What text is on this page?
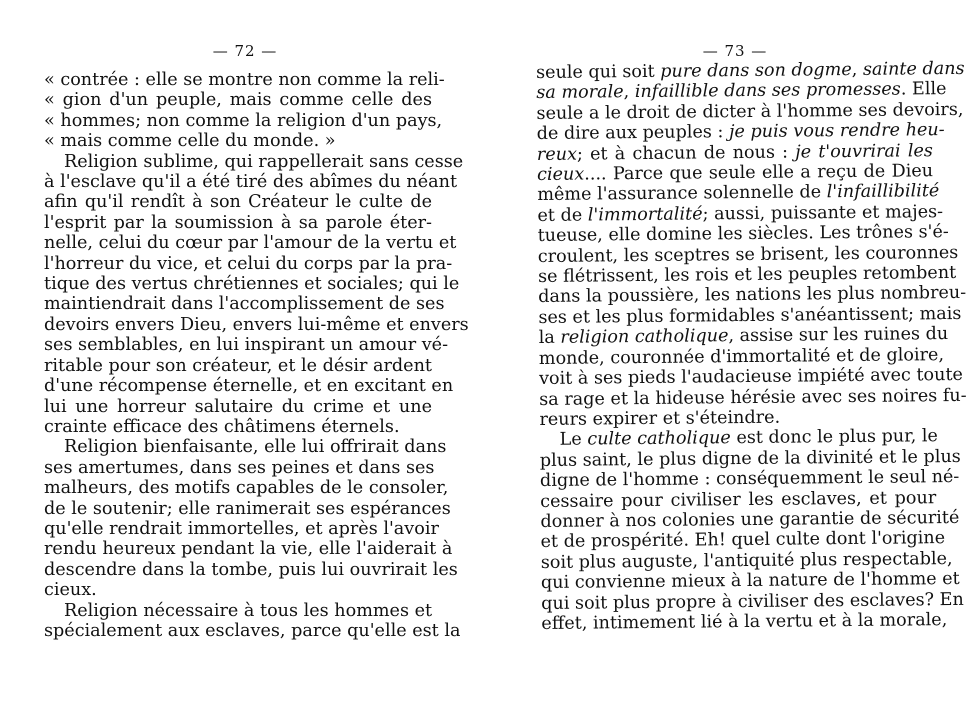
— 72 —
« contrée : elle se montre non comme la reli-
« gion d'un peuple, mais comme celle des
« hommes; non comme la religion d'un pays,
« mais comme celle du monde. »
Religion sublime, qui rappellerait sans cesse
à l'esclave qu'il a été tiré des abîmes du néant
afin qu'il rendît à son Créateur le culte de
l'esprit par la soumission à sa parole éter-
nelle, celui du cœur par l'amour de la vertu et
l'horreur du vice, et celui du corps par la pra-
tique des vertus chrétiennes et sociales; qui le
maintiendrait dans l'accomplissement de ses
devoirs envers Dieu, envers lui-même et envers
ses semblables, en lui inspirant un amour vé-
ritable pour son créateur, et le désir ardent
d'une récompense éternelle, et en excitant en
lui une horreur salutaire du crime et une
crainte efficace des châtimens éternels.
Religion bienfaisante, elle lui offrirait dans
ses amertumes, dans ses peines et dans ses
malheurs, des motifs capables de le consoler,
de le soutenir; elle ranimerait ses espérances
qu'elle rendrait immortelles, et après l'avoir
rendu heureux pendant la vie, elle l'aiderait à
descendre dans la tombe, puis lui ouvrirait les
cieux.
Religion nécessaire à tous les hommes et
spécialement aux esclaves, parce qu'elle est la
— 73 —
seule qui soit pure dans son dogme, sainte dans
sa morale, infaillible dans ses promesses. Elle
seule a le droit de dicter à l'homme ses devoirs,
de dire aux peuples : je puis vous rendre heu-
reux; et à chacun de nous : je t'ouvrirai les
cieux.... Parce que seule elle a reçu de Dieu
même l'assurance solennelle de l'infaillibilité
et de l'immortalité; aussi, puissante et majes-
tueuse, elle domine les siècles. Les trônes s'é-
croulent, les sceptres se brisent, les couronnes
se flétrissent, les rois et les peuples retombent
dans la poussière, les nations les plus nombreu-
ses et les plus formidables s'anéantissent; mais
la religion catholique, assise sur les ruines du
monde, couronnée d'immortalité et de gloire,
voit à ses pieds l'audacieuse impiété avec toute
sa rage et la hideuse hérésie avec ses noires fu-
reurs expirer et s'éteindre.
Le culte catholique est donc le plus pur, le
plus saint, le plus digne de la divinité et le plus
digne de l'homme : conséquemment le seul né-
cessaire pour civiliser les esclaves, et pour
donner à nos colonies une garantie de sécurité
et de prospérité. Eh! quel culte dont l'origine
soit plus auguste, l'antiquité plus respectable,
qui convienne mieux à la nature de l'homme et
qui soit plus propre à civiliser des esclaves? En
effet, intimement lié à la vertu et à la morale,
